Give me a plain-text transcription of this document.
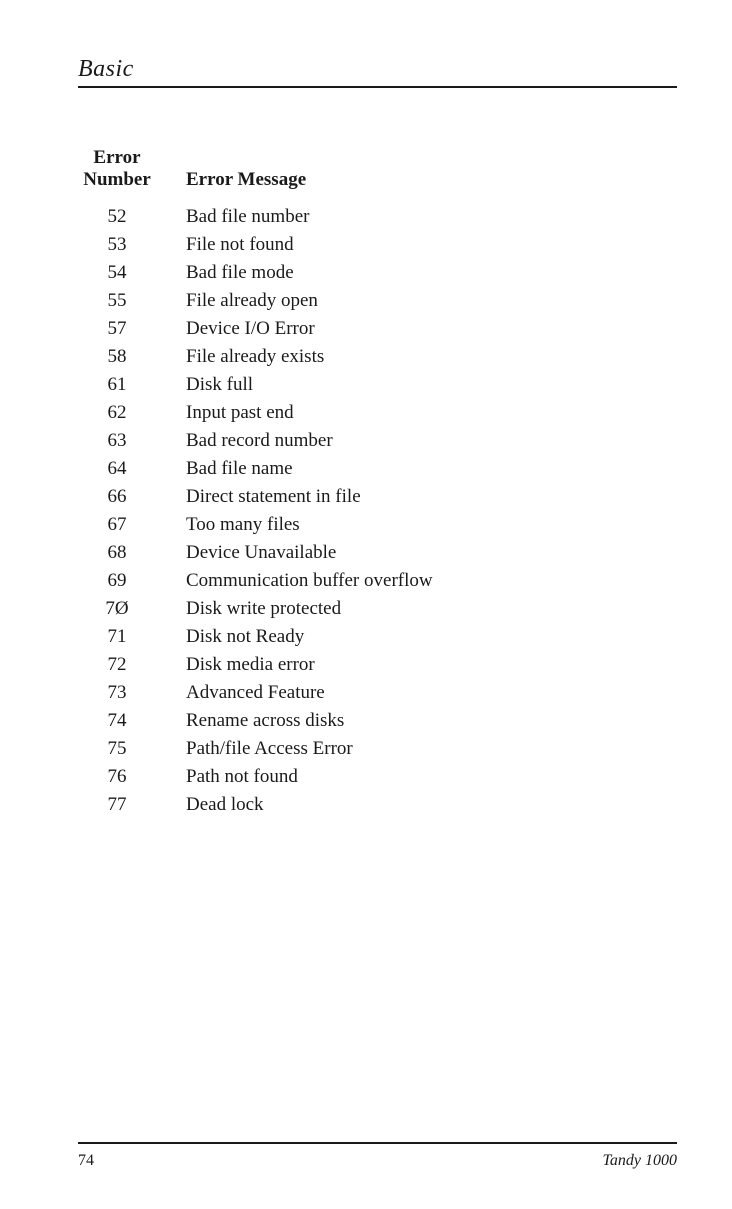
Basic
Error
Number Error Message
52	Bad file number
53	File not found
54	Bad file mode
55	File already open
57	Device I/O Error
58	File already exists
61	Disk full
62	Input past end
63	Bad record number
64	Bad file name
66	Direct statement in file
67	Too many files
68	Device Unavailable
69	Communication buffer overflow
7Ø	Disk write protected
71	Disk not Ready
72	Disk media error
73	Advanced Feature
74	Rename across disks
75	Path/file Access Error
76	Path not found
77	Dead lock
74	Tandy 1000
